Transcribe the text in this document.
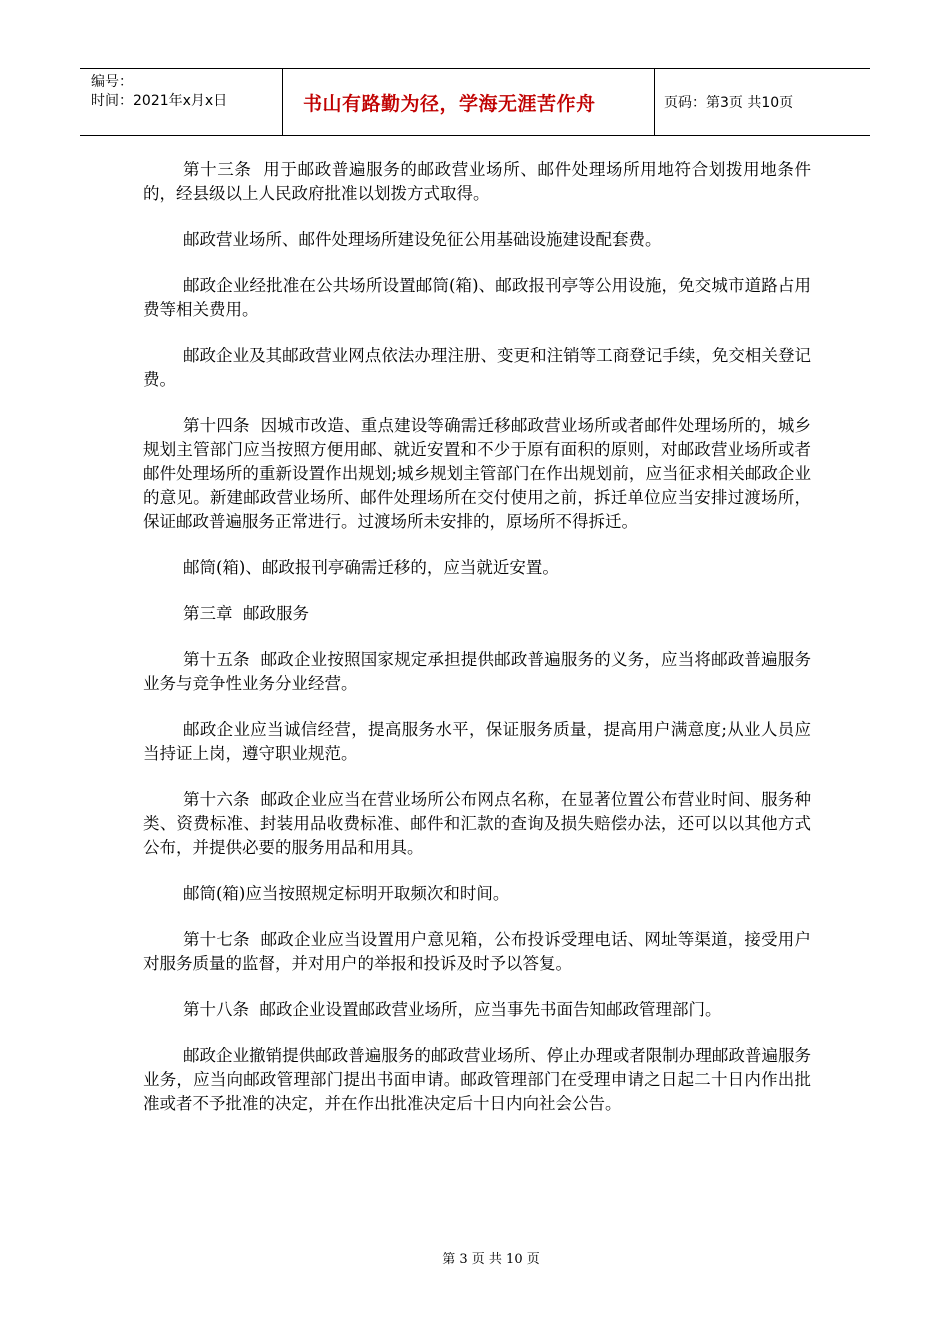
编号：
时间：2021年x月x日	书山有路勤为径，学海无涯苦作舟	页码：第3页 共10页

第十三条  用于邮政普遍服务的邮政营业场所、邮件处理场所用地符合划拨用地条件的，经县级以上人民政府批准以划拨方式取得。

邮政营业场所、邮件处理场所建设免征公用基础设施建设配套费。

邮政企业经批准在公共场所设置邮筒(箱)、邮政报刊亭等公用设施，免交城市道路占用费等相关费用。

邮政企业及其邮政营业网点依法办理注册、变更和注销等工商登记手续，免交相关登记费。

第十四条  因城市改造、重点建设等确需迁移邮政营业场所或者邮件处理场所的，城乡规划主管部门应当按照方便用邮、就近安置和不少于原有面积的原则，对邮政营业场所或者邮件处理场所的重新设置作出规划;城乡规划主管部门在作出规划前，应当征求相关邮政企业的意见。新建邮政营业场所、邮件处理场所在交付使用之前，拆迁单位应当安排过渡场所，保证邮政普遍服务正常进行。过渡场所未安排的，原场所不得拆迁。

邮筒(箱)、邮政报刊亭确需迁移的，应当就近安置。

第三章  邮政服务

第十五条  邮政企业按照国家规定承担提供邮政普遍服务的义务，应当将邮政普遍服务业务与竞争性业务分业经营。

邮政企业应当诚信经营，提高服务水平，保证服务质量，提高用户满意度;从业人员应当持证上岗，遵守职业规范。

第十六条  邮政企业应当在营业场所公布网点名称，在显著位置公布营业时间、服务种类、资费标准、封装用品收费标准、邮件和汇款的查询及损失赔偿办法，还可以以其他方式公布，并提供必要的服务用品和用具。

邮筒(箱)应当按照规定标明开取频次和时间。

第十七条  邮政企业应当设置用户意见箱，公布投诉受理电话、网址等渠道，接受用户对服务质量的监督，并对用户的举报和投诉及时予以答复。

第十八条  邮政企业设置邮政营业场所，应当事先书面告知邮政管理部门。

邮政企业撤销提供邮政普遍服务的邮政营业场所、停止办理或者限制办理邮政普遍服务业务，应当向邮政管理部门提出书面申请。邮政管理部门在受理申请之日起二十日内作出批准或者不予批准的决定，并在作出批准决定后十日内向社会公告。

第 3 页 共 10 页
